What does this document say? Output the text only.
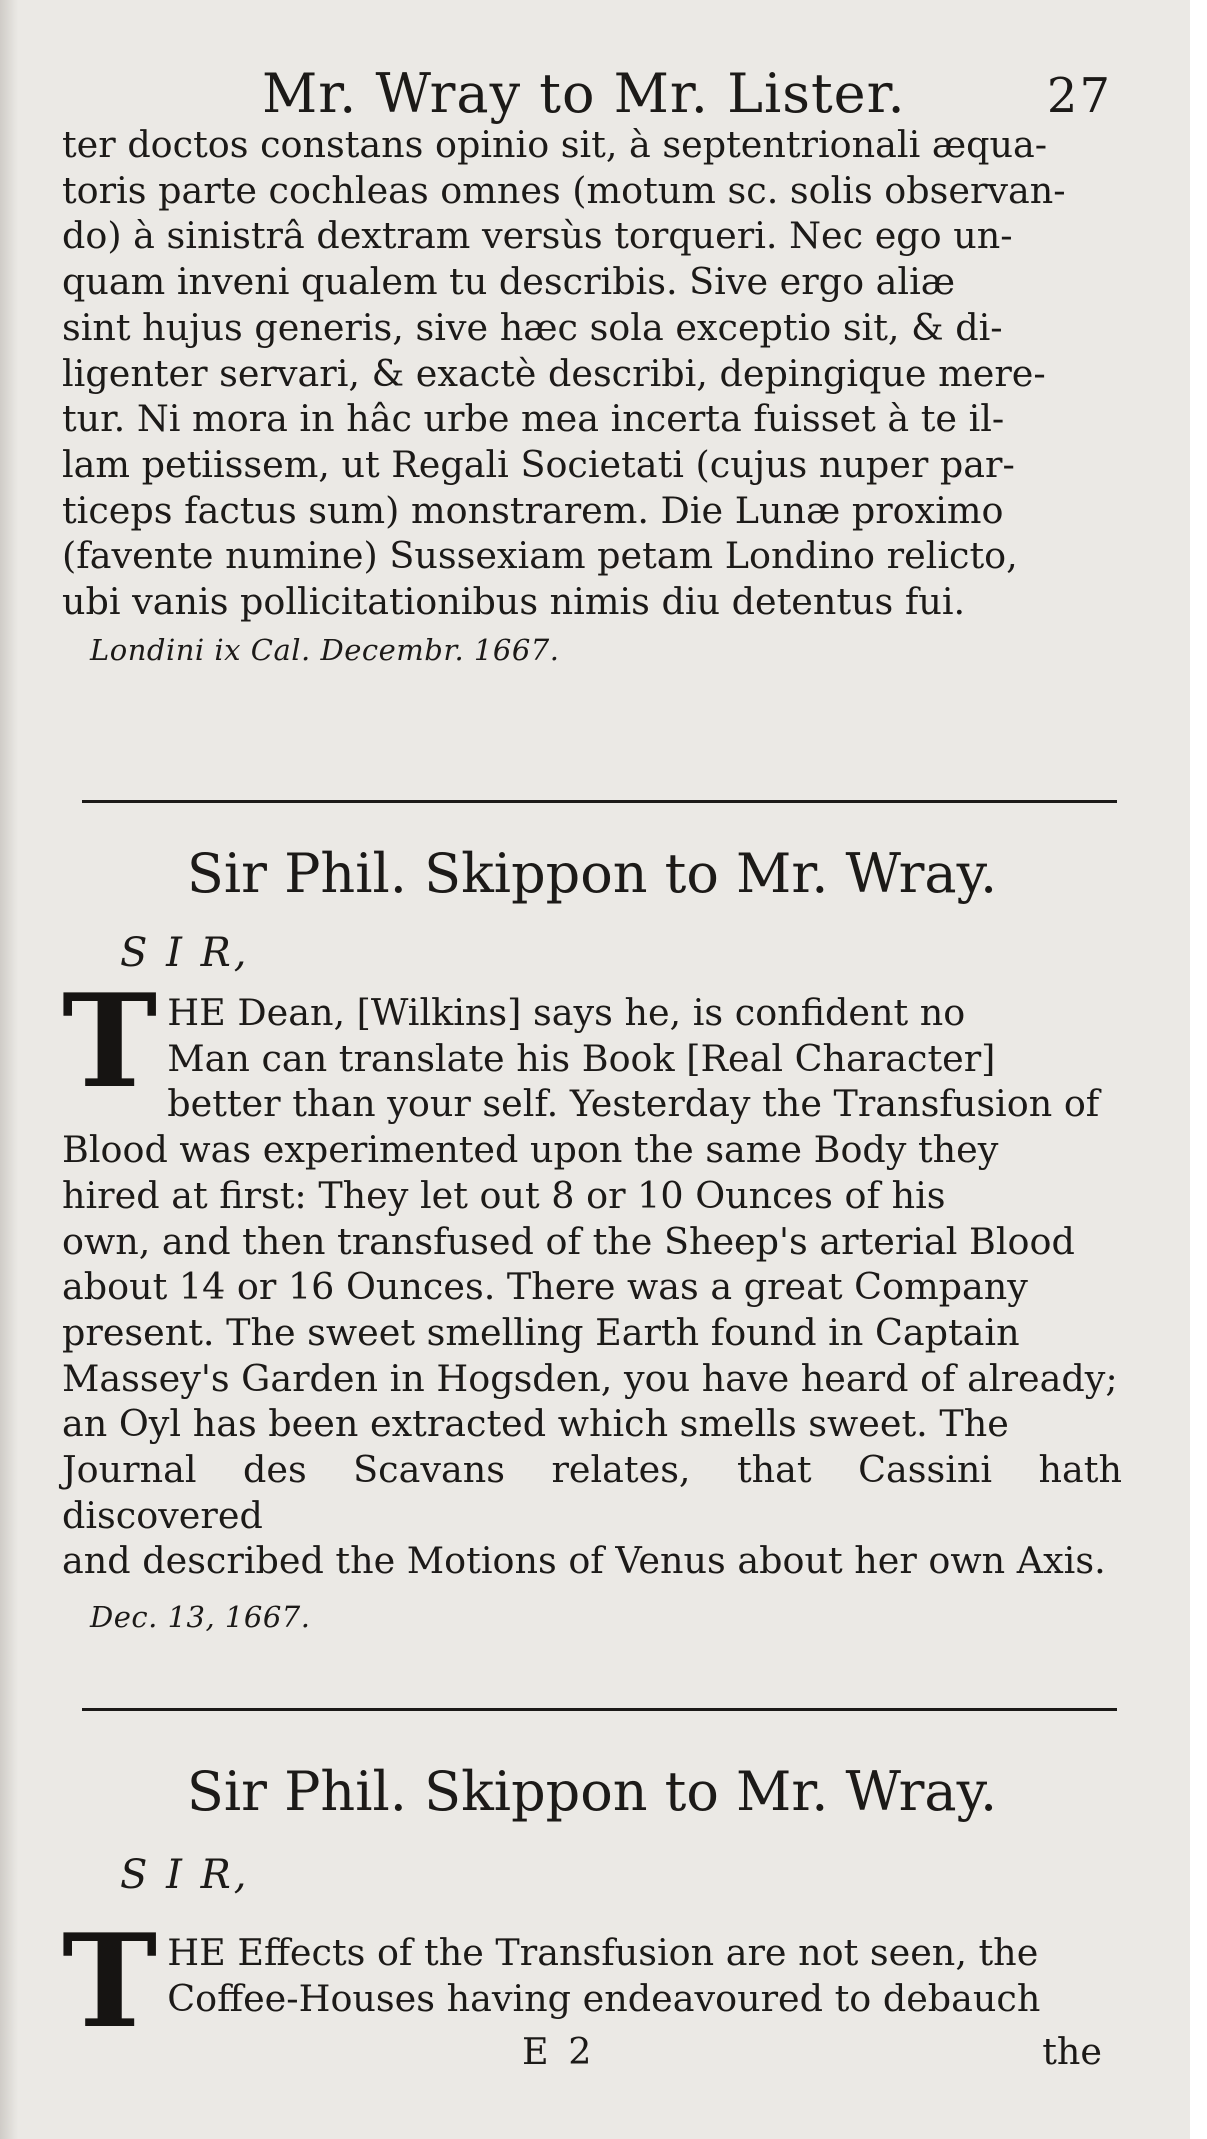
Mr. Wray to Mr. Lister.	27
ter doctos constans opinio sit, à septentrionali æqua-
toris parte cochleas omnes (motum sc. solis observan-
do) à sinistrâ dextram versùs torqueri. Nec ego un-
quam inveni qualem tu describis. Sive ergo aliæ
sint hujus generis, sive hæc sola exceptio sit, & di-
ligenter servari, & exactè describi, depingique mere-
tur. Ni mora in hâc urbe mea incerta fuisset à te il-
lam petiissem, ut Regali Societati (cujus nuper par-
ticeps factus sum) monstrarem. Die Lunæ proximo
(favente numine) Sussexiam petam Londino relicto,
ubi vanis pollicitationibus nimis diu detentus fui.
Londini ix Cal. Decembr. 1667.
Sir Phil. Skippon to Mr. Wray.
S I R,
T HE Dean, [Wilkins] says he, is confident no
Man can translate his Book [Real Character]
better than your self. Yesterday the Transfusion of
Blood was experimented upon the same Body they
hired at first: They let out 8 or 10 Ounces of his
own, and then transfused of the Sheep's arterial Blood
about 14 or 16 Ounces. There was a great Company
present. The sweet smelling Earth found in Captain
Massey's Garden in Hogsden, you have heard of already;
an Oyl has been extracted which smells sweet. The
Journal des Scavans relates, that Cassini hath discovered
and described the Motions of Venus about her own Axis.
Dec. 13, 1667.
Sir Phil. Skippon to Mr. Wray.
S I R,
T HE Effects of the Transfusion are not seen, the
Coffee-Houses having endeavoured to debauch
E 2	the
